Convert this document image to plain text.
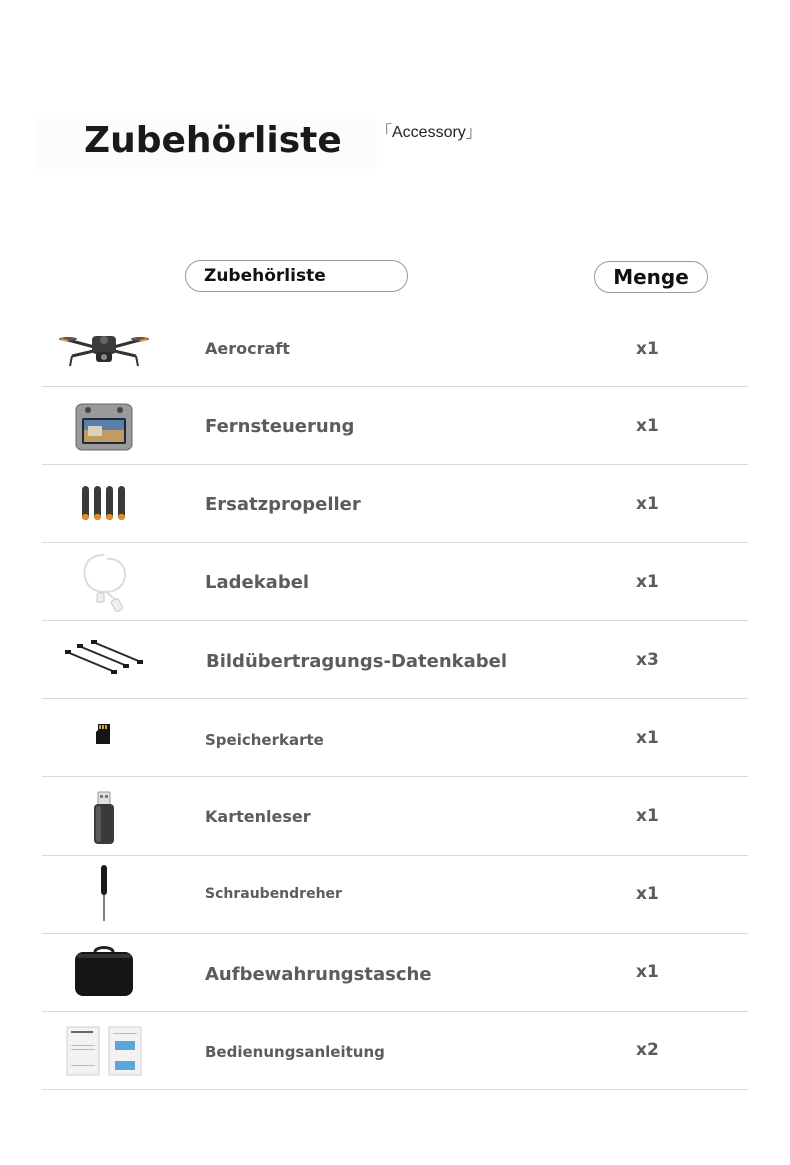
Zubehörliste 「Accessory」
Zubehörliste	Menge
Aerocraft	x1
Fernsteuerung	x1
Ersatzpropeller	x1
Ladekabel	x1
Bildübertragungs-Datenkabel	x3
Speicherkarte	x1
Kartenleser	x1
Schraubendreher	x1
Aufbewahrungstasche	x1
Bedienungsanleitung	x2
